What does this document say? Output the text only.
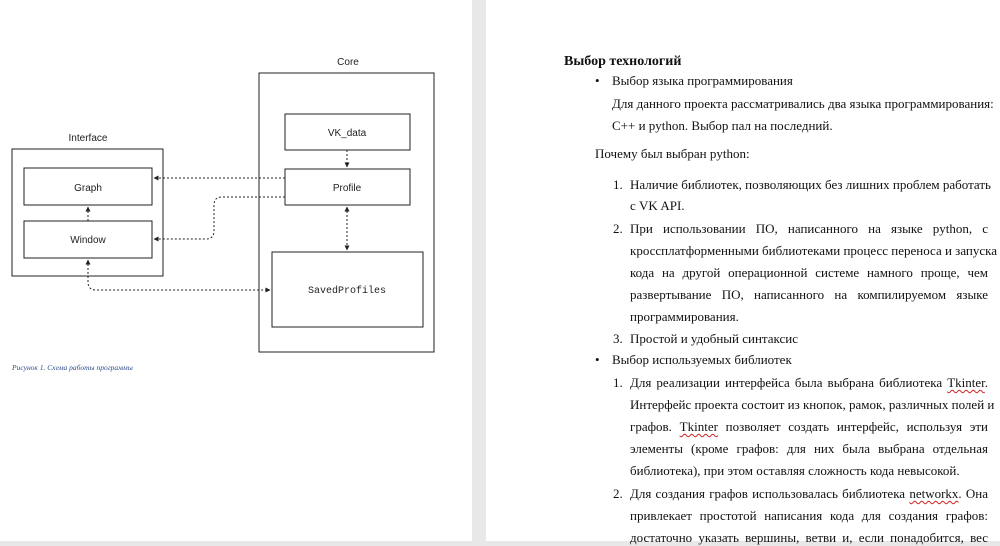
Interface
Graph
Window
Core
VK_data
Profile
SavedProfiles
Рисунок 1. Схема работы программы
Выбор технологий
• Выбор языка программирования
Для данного проекта рассматривались два языка программирования:
C++ и python. Выбор пал на последний.
Почему был выбран python:
1. Наличие библиотек, позволяющих без лишних проблем работать
с VK API.
2. При использовании ПО, написанного на языке python, с
кроссплатформенными библиотеками процесс переноса и запуска
кода на другой операционной системе намного проще, чем
развертывание ПО, написанного на компилируемом языке
программирования.
3. Простой и удобный синтаксис
• Выбор используемых библиотек
1. Для реализации интерфейса была выбрана библиотека Tkinter.
Интерфейс проекта состоит из кнопок, рамок, различных полей и
графов. Tkinter позволяет создать интерфейс, используя эти
элементы (кроме графов: для них была выбрана отдельная
библиотека), при этом оставляя сложность кода невысокой.
2. Для создания графов использовалась библиотека networkx. Она
привлекает простотой написания кода для создания графов:
достаточно указать вершины, ветви и, если понадобится, вес
